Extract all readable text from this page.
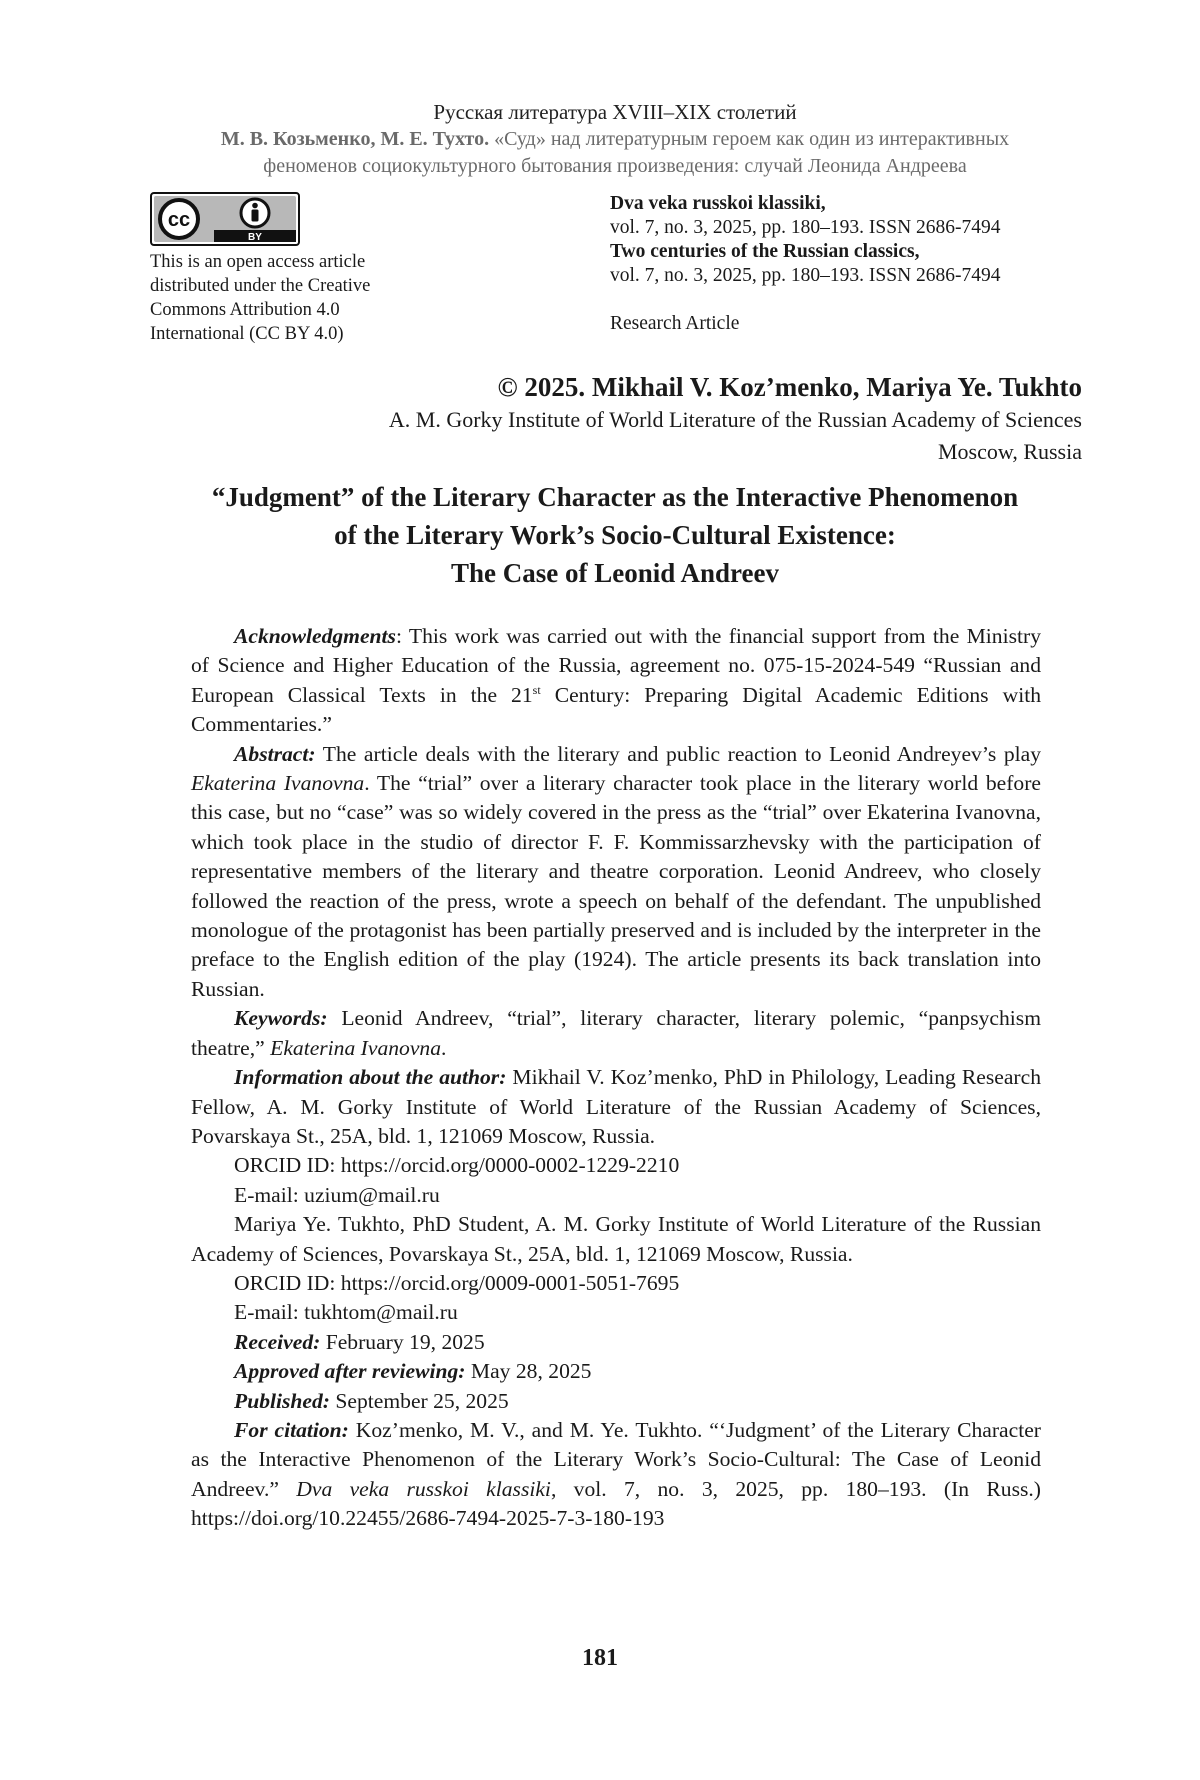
Русская литература XVIII–XIX столетий
М. В. Козьменко, М. Е. Тухто. «Суд» над литературным героем как один из интерактивных
феноменов социокультурного бытования произведения: случай Леонида Андреева
cc
BY
This is an open access article
distributed under the Creative
Commons Attribution 4.0
International (CC BY 4.0)
Dva veka russkoi klassiki,
vol. 7, no. 3, 2025, pp. 180–193. ISSN 2686-7494
Two centuries of the Russian classics,
vol. 7, no. 3, 2025, pp. 180–193. ISSN 2686-7494
Research Article
© 2025. Mikhail V. Koz’menko, Mariya Ye. Tukhto
A. M. Gorky Institute of World Literature of the Russian Academy of Sciences
Moscow, Russia
“Judgment” of the Literary Character as the Interactive Phenomenon
of the Literary Work’s Socio-Cultural Existence:
The Case of Leonid Andreev

Acknowledgments: This work was carried out with the financial support from the Ministry of Science and Higher Education of the Russia, agreement no. 075-15-2024-549 “Russian and European Classical Texts in the 21st Century: Preparing Digital Academic Editions with Commentaries.”

Abstract: The article deals with the literary and public reaction to Leonid Andreyev’s play Ekaterina Ivanovna. The “trial” over a literary character took place in the literary world before this case, but no “case” was so widely covered in the press as the “trial” over Ekaterina Ivanovna, which took place in the studio of director F. F. Kommissarzhevsky with the participation of representative members of the literary and theatre corporation. Leonid Andreev, who closely followed the reaction of the press, wrote a speech on behalf of the defendant. The unpublished monologue of the protagonist has been partially preserved and is included by the interpreter in the preface to the English edition of the play (1924). The article presents its back translation into Russian.

Keywords: Leonid Andreev, “trial”, literary character, literary polemic, “panpsychism theatre,” Ekaterina Ivanovna.

Information about the author: Mikhail V. Koz’menko, PhD in Philology, Leading Research Fellow, A. M. Gorky Institute of World Literature of the Russian Academy of Sciences, Povarskaya St., 25A, bld. 1, 121069 Moscow, Russia.

ORCID ID: https://orcid.org/0000-0002-1229-2210

E-mail: uzium@mail.ru

Mariya Ye. Tukhto, PhD Student, A. M. Gorky Institute of World Literature of the Russian Academy of Sciences, Povarskaya St., 25A, bld. 1, 121069 Moscow, Russia.

ORCID ID: https://orcid.org/0009-0001-5051-7695

E-mail: tukhtom@mail.ru

Received: February 19, 2025

Approved after reviewing: May 28, 2025

Published: September 25, 2025

For citation: Koz’menko, M. V., and M. Ye. Tukhto. “‘Judgment’ of the Literary Character as the Interactive Phenomenon of the Literary Work’s Socio-Cultural: The Case of Leonid Andreev.” Dva veka russkoi klassiki, vol. 7, no. 3, 2025, pp. 180–193. (In Russ.) https://doi.org/10.22455/2686-7494-2025-7-3-180-193

181
